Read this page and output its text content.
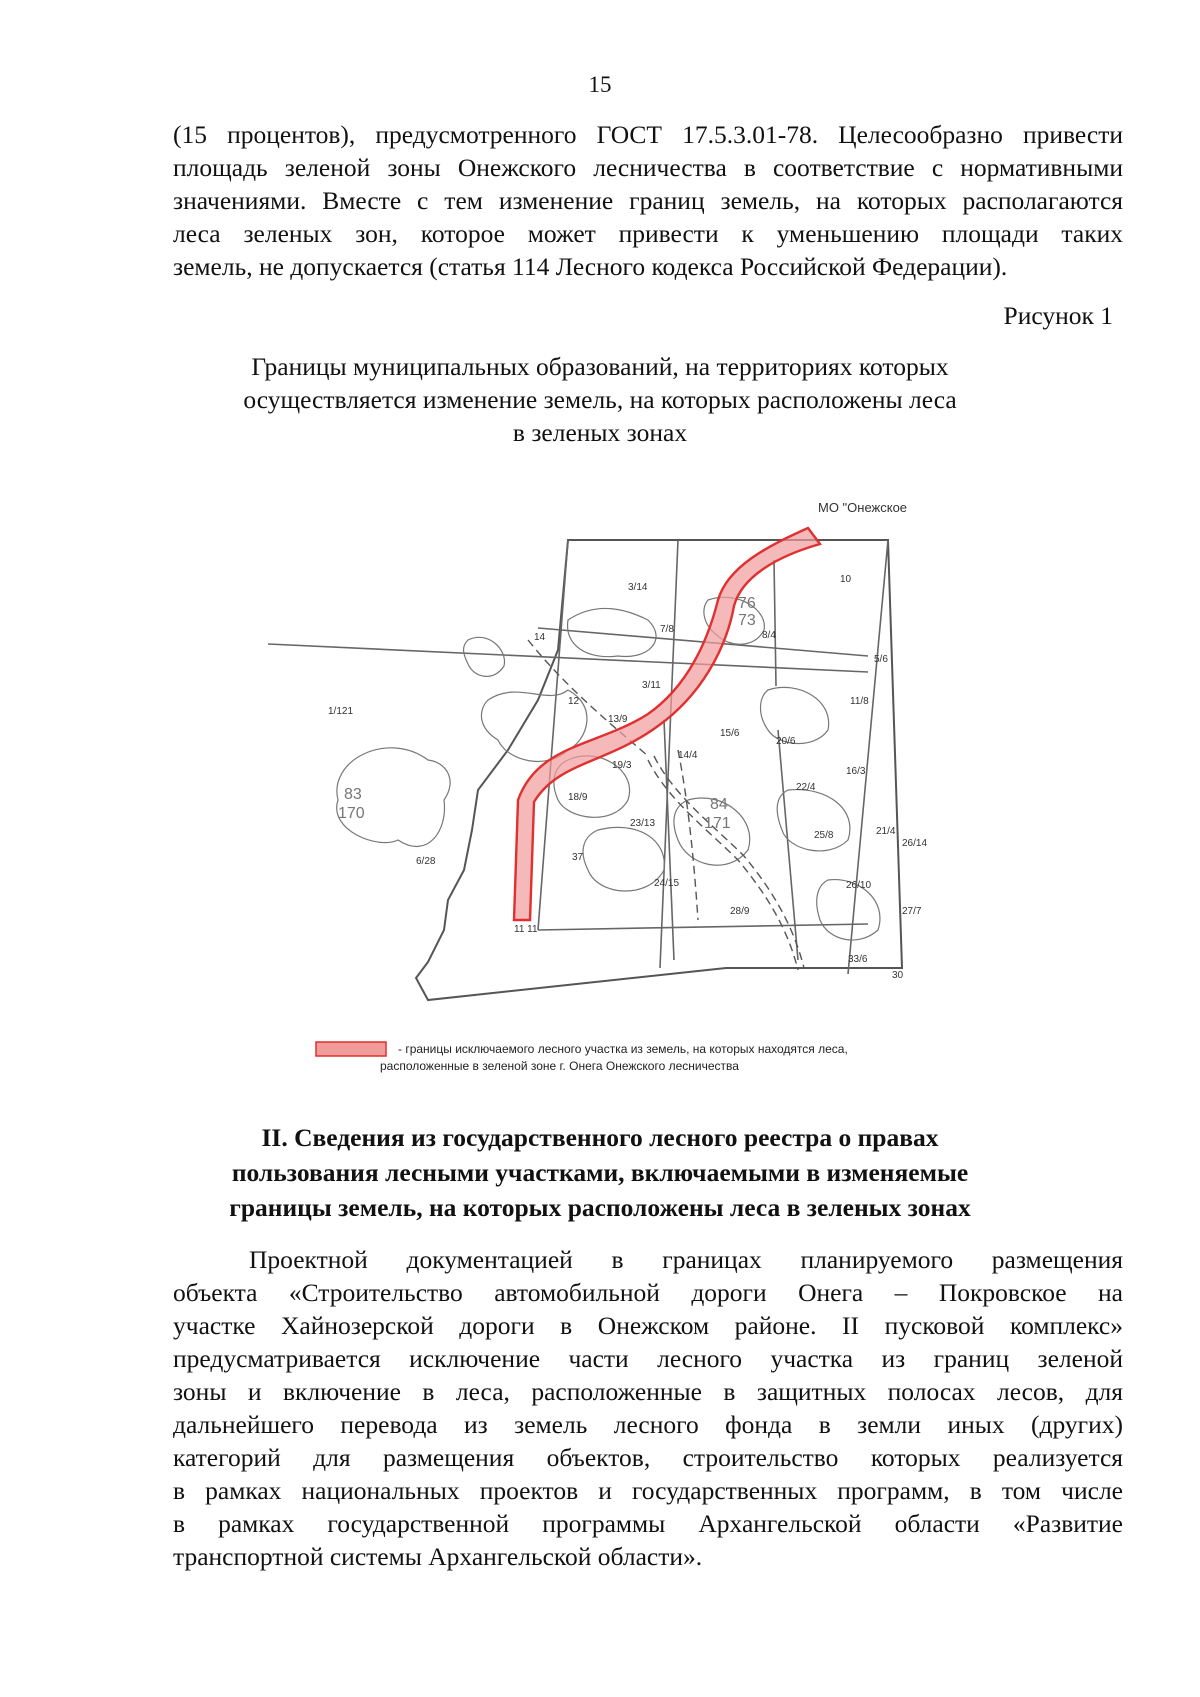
15
(15 процентов), предусмотренного ГОСТ 17.5.3.01-78. Целесообразно привести
площадь зеленой зоны Онежского лесничества в соответствие с нормативными
значениями. Вместе с тем изменение границ земель, на которых располагаются
леса зеленых зон, которое может привести к уменьшению площади таких
земель, не допускается (статья 114 Лесного кодекса Российской Федерации).
Рисунок 1
Границы муниципальных образований, на территориях которых
осуществляется изменение земель, на которых расположены леса
в зеленых зонах
83
170
84
171
76
73
1/121
6/28
3/14
7/8
3/11
10
11/8
16/3
13/9
14/4
18/9
19/3
20/6
24/15
23/13
25/8
26/10
27/7
26/14
33/6
30
37
28/9
21/4
22/4
15/6
12
8/4
5/6
11 11
14
МО "Онежское
- границы исключаемого лесного участка из земель, на которых находятся леса,
расположенные в зеленой зоне г. Онега Онежского лесничества
II. Сведения из государственного лесного реестра о правах
пользования лесными участками, включаемыми в изменяемые
границы земель, на которых расположены леса в зеленых зонах
Проектной документацией в границах планируемого размещения
объекта «Строительство автомобильной дороги Онега – Покровское на
участке Хайнозерской дороги в Онежском районе. II пусковой комплекс»
предусматривается исключение части лесного участка из границ зеленой
зоны и включение в леса, расположенные в защитных полосах лесов, для
дальнейшего перевода из земель лесного фонда в земли иных (других)
категорий для размещения объектов, строительство которых реализуется
в рамках национальных проектов и государственных программ, в том числе
в рамках государственной программы Архангельской области «Развитие
транспортной системы Архангельской области».
